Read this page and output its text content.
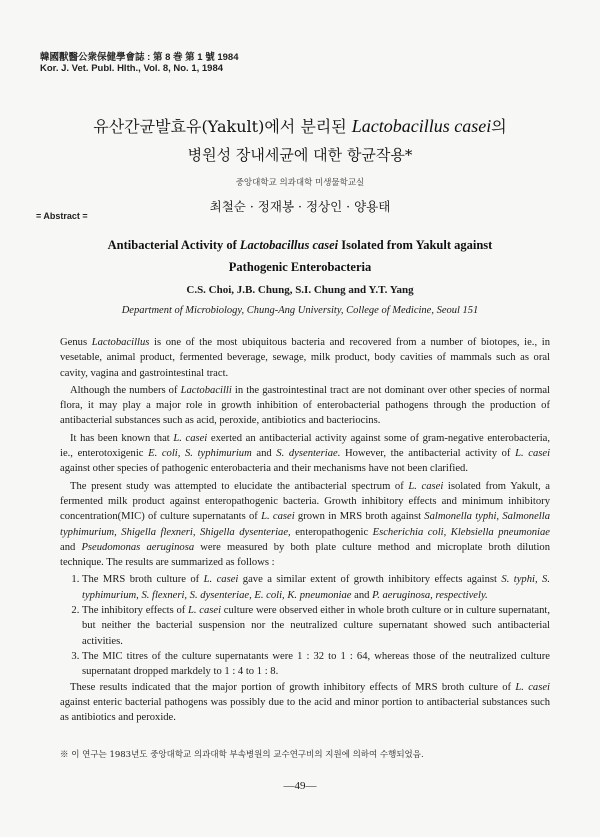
韓國獸醫公衆保健學會誌 : 第 8 巻 第 1 號 1984
Kor. J. Vet. Publ. Hlth., Vol. 8, No. 1, 1984
유산간균발효유(Yakult)에서 분리된 Lactobacillus casei의
병원성 장내세균에 대한 항균작용*
중앙대학교 의과대학 미생물학교실
최철순 · 정재봉 · 정상인 · 양용태
= Abstract =
Antibacterial Activity of Lactobacillus casei Isolated from Yakult against
Pathogenic Enterobacteria
C.S. Choi, J.B. Chung, S.I. Chung and Y.T. Yang
Department of Microbiology, Chung-Ang University, College of Medicine, Seoul 151

Genus Lactobacillus is one of the most ubiquitous bacteria and recovered from a number of biotopes, ie., in vesetable, animal product, fermented beverage, sewage, milk product, body cavities of mammals such as oral cavity, vagina and gastrointestinal tract.

Although the numbers of Lactobacilli in the gastrointestinal tract are not dominant over other species of normal flora, it may play a major role in growth inhibition of enterobacterial pathogens through the production of antibacterial substances such as acid, peroxide, antibiotics and bacteriocins.

It has been known that L. casei exerted an antibacterial activity against some of gram-negative enterobacteria, ie., enterotoxigenic E. coli, S. typhimurium and S. dysenteriae. However, the antibacterial activity of L. casei against other species of pathogenic enterobacteria and their mechanisms have not been clarified.

The present study was attempted to elucidate the antibacterial spectrum of L. casei isolated from Yakult, a fermented milk product against enteropathogenic bacteria. Growth inhibitory effects and minimum inhibitory concentration(MIC) of culture supernatants of L. casei grown in MRS broth against Salmonella typhi, Salmonella typhimurium, Shigella flexneri, Shigella dysenteriae, enteropathogenic Escherichia coli, Klebsiella pneumoniae and Pseudomonas aeruginosa were measured by both plate culture method and microplate broth dilution technique. The results are summarized as follows :

1. The MRS broth culture of L. casei gave a similar extent of growth inhibitory effects against S. typhi, S. typhimurium, S. flexneri, S. dysenteriae, E. coli, K. pneumoniae and P. aeruginosa, respectively.
2. The inhibitory effects of L. casei culture were observed either in whole broth culture or in culture supernatant, but neither the bacterial suspension nor the neutralized culture supernatant showed such antibacterial activities.
3. The MIC titres of the culture supernatants were 1 : 32 to 1 : 64, whereas those of the neutralized culture supernatant dropped markdely to 1 : 4 to 1 : 8.

These results indicated that the major portion of growth inhibitory effects of MRS broth culture of L. casei against enteric bacterial pathogens was possibly due to the acid and minor portion to antibacterial substances such as antibiotics and peroxide.

※ 이 연구는 1983년도 중앙대학교 의과대학 부속병원의 교수연구비의 지원에 의하여 수행되었음.
—49—
